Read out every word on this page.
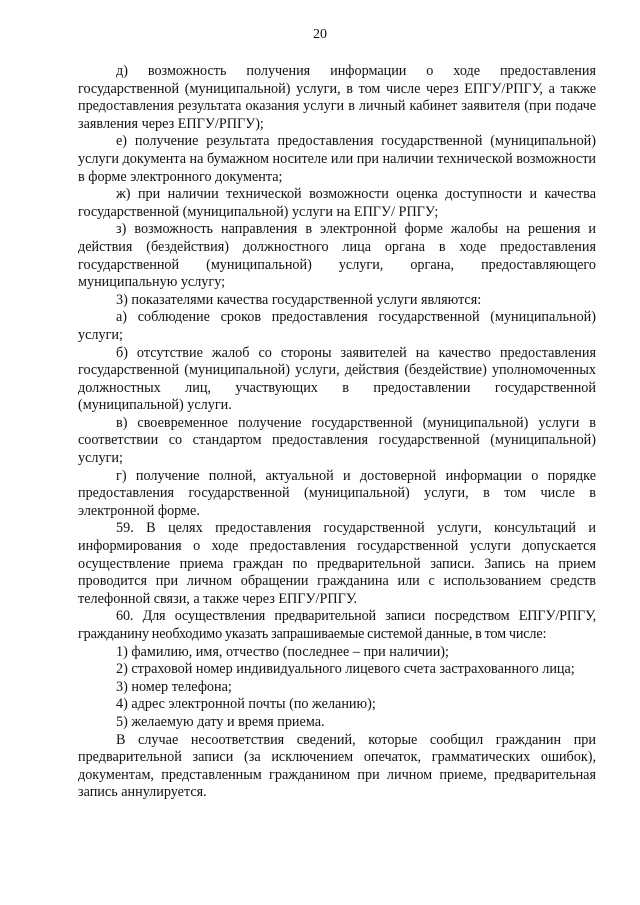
20

д) возможность получения информации о ходе предоставления государственной (муниципальной) услуги, в том числе через ЕПГУ/РПГУ, а также предоставления результата оказания услуги в личный кабинет заявителя (при подаче заявления через ЕПГУ/РПГУ);

е) получение результата предоставления государственной (муниципальной) услуги документа на бумажном носителе или при наличии технической возможности в форме электронного документа;

ж) при наличии технической возможности оценка доступности и качества государственной (муниципальной) услуги на ЕПГУ/ РПГУ;

з) возможность направления в электронной форме жалобы на решения и действия (бездействия) должностного лица органа в ходе предоставления государственной (муниципальной) услуги, органа, предоставляющего муниципальную услугу;

3) показателями качества государственной услуги являются:

а) соблюдение сроков предоставления государственной (муниципальной) услуги;

б) отсутствие жалоб со стороны заявителей на качество предоставления государственной (муниципальной) услуги, действия (бездействие) уполномоченных должностных лиц, участвующих в предоставлении государственной (муниципальной) услуги.

в) своевременное получение государственной (муниципальной) услуги в соответствии со стандартом предоставления государственной (муниципальной) услуги;

г) получение полной, актуальной и достоверной информации о порядке предоставления государственной (муниципальной) услуги, в том числе в электронной форме.

59. В целях предоставления государственной услуги, консультаций и информирования о ходе предоставления государственной услуги допускается осуществление приема граждан по предварительной записи. Запись на прием проводится при личном обращении гражданина или с использованием средств телефонной связи, а также через ЕПГУ/РПГУ.

60. Для осуществления предварительной записи посредством ЕПГУ/РПГУ, гражданину необходимо указать запрашиваемые системой данные, в том числе:

1) фамилию, имя, отчество (последнее – при наличии);

2) страховой номер индивидуального лицевого счета застрахованного лица;

3) номер телефона;

4) адрес электронной почты (по желанию);

5) желаемую дату и время приема.

В случае несоответствия сведений, которые сообщил гражданин при предварительной записи (за исключением опечаток, грамматических ошибок), документам, представленным гражданином при личном приеме, предварительная запись аннулируется.
